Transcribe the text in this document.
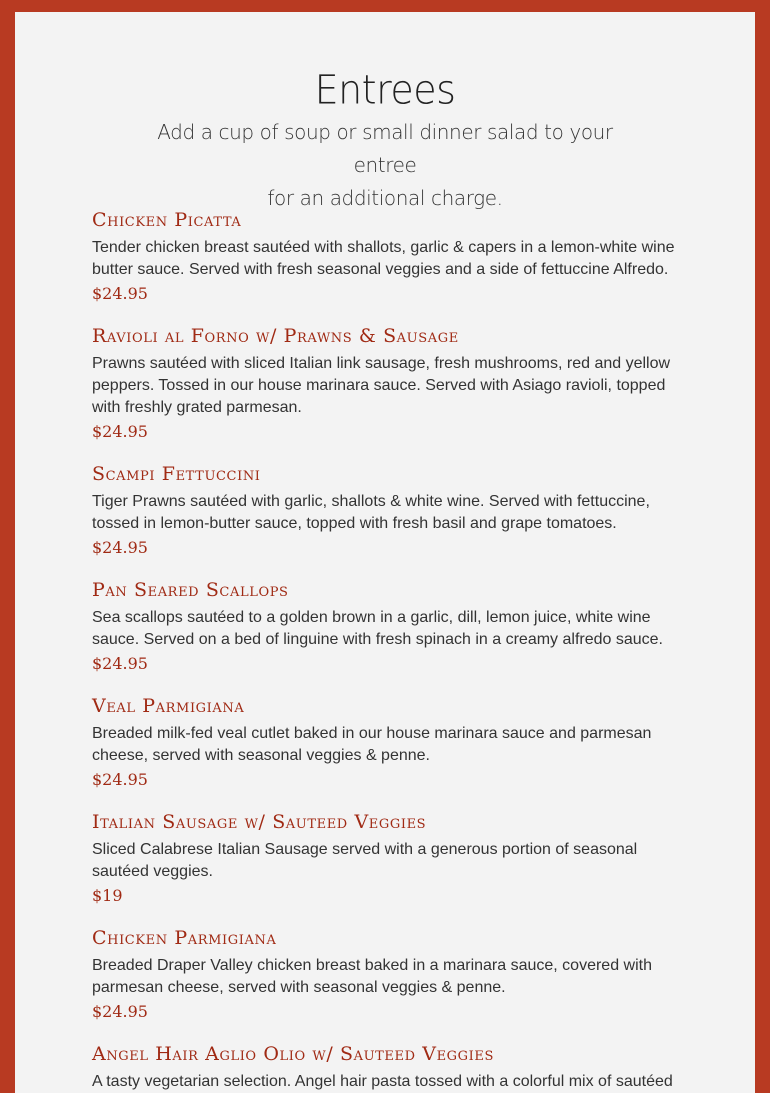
Entrees
Add a cup of soup or small dinner salad to your entree
for an additional charge.
Chicken Picatta
Tender chicken breast sautéed with shallots, garlic & capers in a lemon-white wine butter sauce. Served with fresh seasonal veggies and a side of fettuccine Alfredo.
$24.95
Ravioli al Forno w/ Prawns & Sausage
Prawns sautéed with sliced Italian link sausage, fresh mushrooms, red and yellow peppers. Tossed in our house marinara sauce. Served with Asiago ravioli, topped with freshly grated parmesan.
$24.95
Scampi Fettuccini
Tiger Prawns sautéed with garlic, shallots & white wine. Served with fettuccine, tossed in lemon-butter sauce, topped with fresh basil and grape tomatoes.
$24.95
Pan Seared Scallops
Sea scallops sautéed to a golden brown in a garlic, dill, lemon juice, white wine sauce. Served on a bed of linguine with fresh spinach in a creamy alfredo sauce.
$24.95
Veal Parmigiana
Breaded milk-fed veal cutlet baked in our house marinara sauce and parmesan cheese, served with seasonal veggies & penne.
$24.95
Italian Sausage w/ Sauteed Veggies
Sliced Calabrese Italian Sausage served with a generous portion of seasonal sautéed veggies.
$19
Chicken Parmigiana
Breaded Draper Valley chicken breast baked in a marinara sauce, covered with parmesan cheese, served with seasonal veggies & penne.
$24.95
Angel Hair Aglio Olio w/ Sauteed Veggies
A tasty vegetarian selection. Angel hair pasta tossed with a colorful mix of sautéed
